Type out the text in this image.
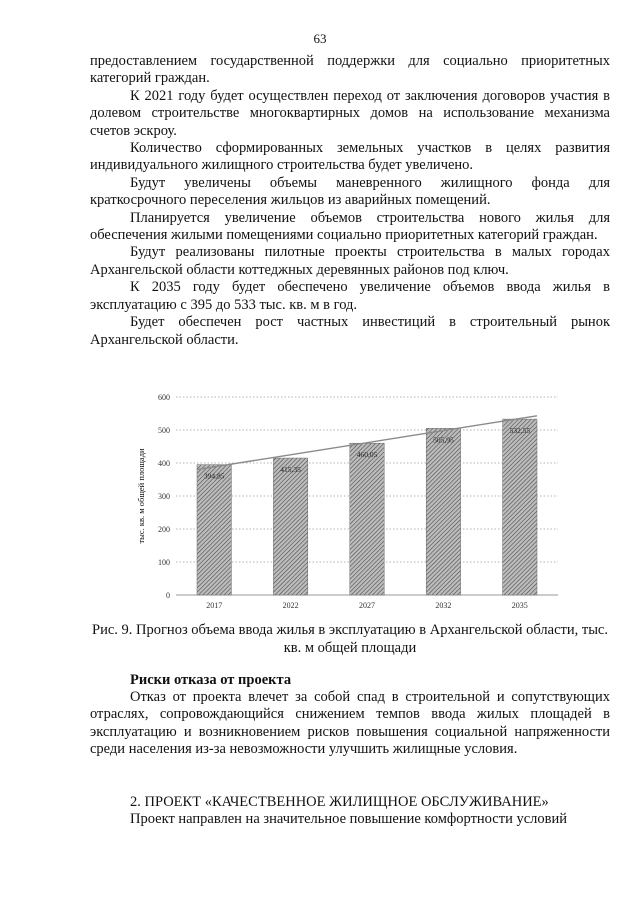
63

предоставлением государственной поддержки для социально приоритетных категорий граждан.

К 2021 году будет осуществлен переход от заключения договоров участия в долевом строительстве многоквартирных домов на использование механизма счетов эскроу.

Количество сформированных земельных участков в целях развития индивидуального жилищного строительства будет увеличено.

Будут увеличены объемы маневренного жилищного фонда для краткосрочного переселения жильцов из аварийных помещений.

Планируется увеличение объемов строительства нового жилья для обеспечения жилыми помещениями социально приоритетных категорий граждан.

Будут реализованы пилотные проекты строительства в малых городах Архангельской области коттеджных деревянных районов под ключ.

К 2035 году будет обеспечено увеличение объемов ввода жилья в эксплуатацию с 395 до 533 тыс. кв. м в год.

Будет обеспечен рост частных инвестиций в строительный рынок Архангельской области.

0
100
200
300
400
500
600
тыс. кв. м общей площади
2017
394,85
2022
415,35
2027
460,05
2032
505,95
2035
532,55
Рис. 9. Прогноз объема ввода жилья в эксплуатацию в Архангельской области, тыс. кв. м общей площади

Риски отказа от проекта

Отказ от проекта влечет за собой спад в строительной и сопутствующих отраслях, сопровождающийся снижением темпов ввода жилых площадей в эксплуатацию и возникновением рисков повышения социальной напряженности среди населения из-за невозможности улучшить жилищные условия.

2. ПРОЕКТ «КАЧЕСТВЕННОЕ ЖИЛИЩНОЕ ОБСЛУЖИВАНИЕ»

Проект направлен на значительное повышение комфортности условий
